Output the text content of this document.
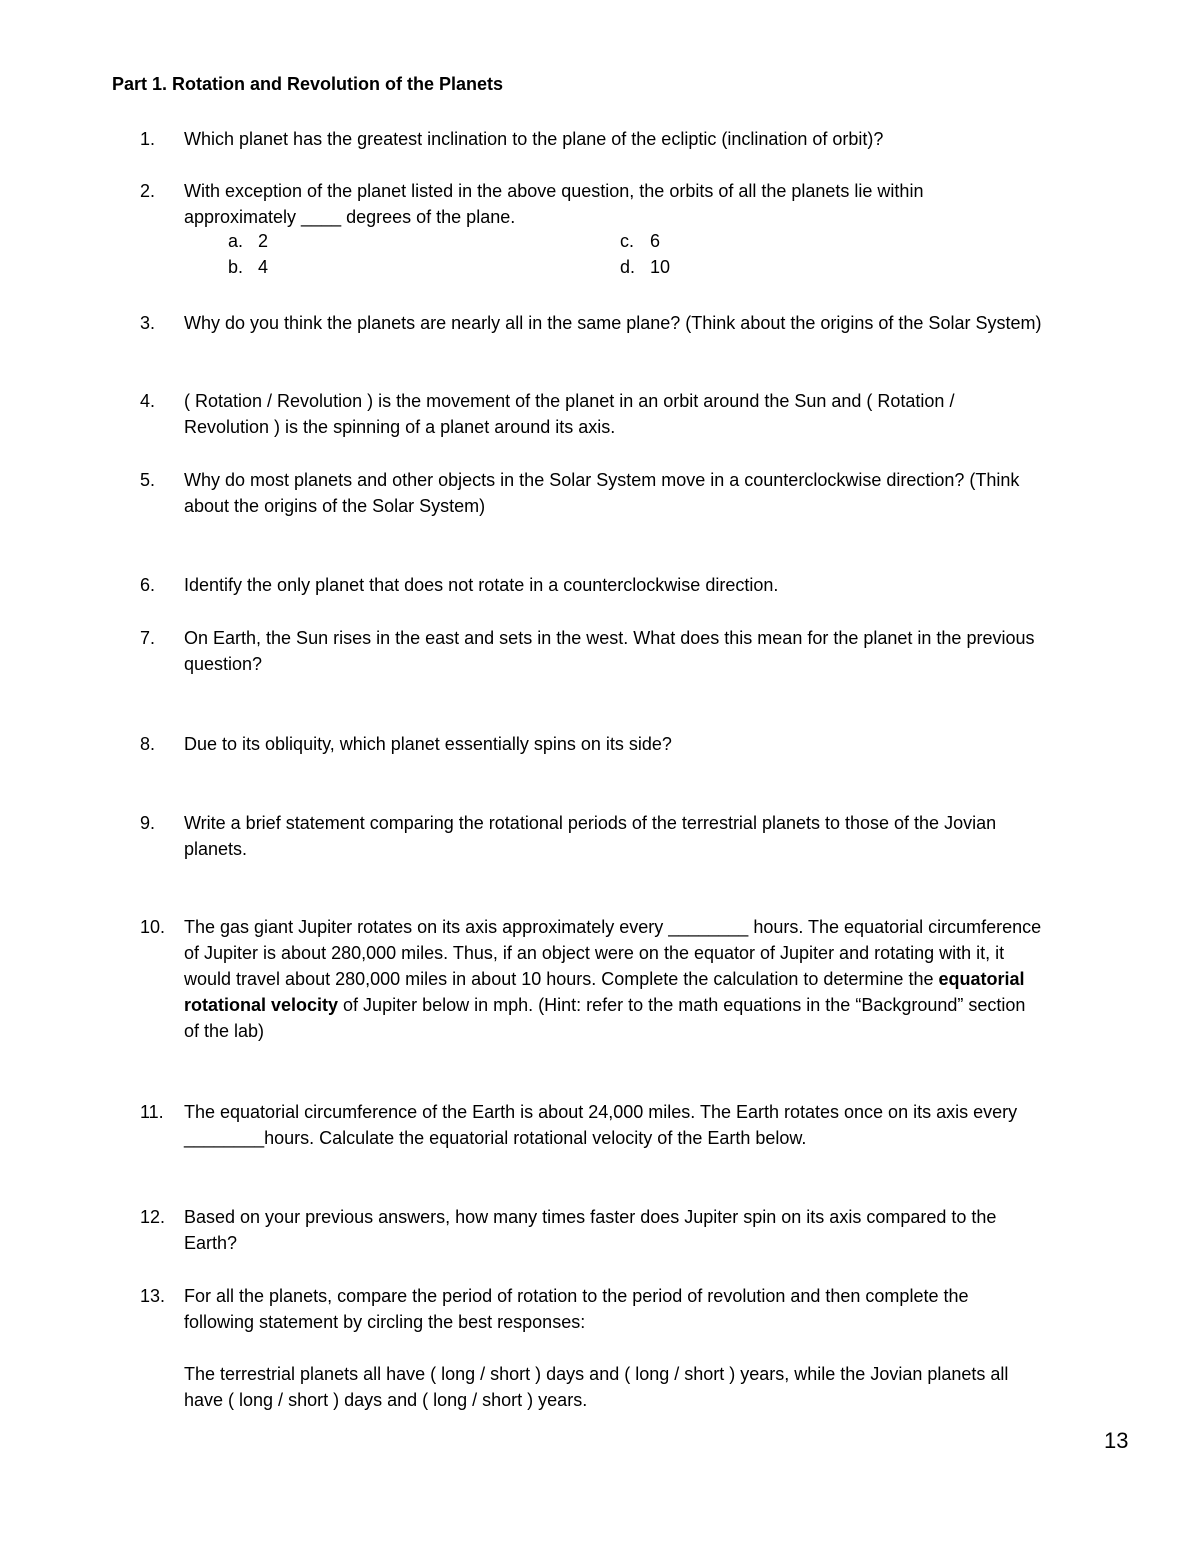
Part 1. Rotation and Revolution of the Planets
1. Which planet has the greatest inclination to the plane of the ecliptic (inclination of orbit)?
2. With exception of the planet listed in the above question, the orbits of all the planets lie within
approximately ____ degrees of the plane.
a. 2
b. 4
c. 6
d. 10
3. Why do you think the planets are nearly all in the same plane? (Think about the origins of the Solar System)
4. ( Rotation / Revolution ) is the movement of the planet in an orbit around the Sun and ( Rotation /
Revolution ) is the spinning of a planet around its axis.
5. Why do most planets and other objects in the Solar System move in a counterclockwise direction? (Think
about the origins of the Solar System)
6. Identify the only planet that does not rotate in a counterclockwise direction.
7. On Earth, the Sun rises in the east and sets in the west. What does this mean for the planet in the previous
question?
8. Due to its obliquity, which planet essentially spins on its side?
9. Write a brief statement comparing the rotational periods of the terrestrial planets to those of the Jovian
planets.
10. The gas giant Jupiter rotates on its axis approximately every ________ hours. The equatorial circumference
of Jupiter is about 280,000 miles. Thus, if an object were on the equator of Jupiter and rotating with it, it
would travel about 280,000 miles in about 10 hours. Complete the calculation to determine the equatorial
rotational velocity of Jupiter below in mph. (Hint: refer to the math equations in the “Background” section
of the lab)
11. The equatorial circumference of the Earth is about 24,000 miles. The Earth rotates once on its axis every
________hours. Calculate the equatorial rotational velocity of the Earth below.
12. Based on your previous answers, how many times faster does Jupiter spin on its axis compared to the
Earth?
13. For all the planets, compare the period of rotation to the period of revolution and then complete the
following statement by circling the best responses:
The terrestrial planets all have ( long / short ) days and ( long / short ) years, while the Jovian planets all
have ( long / short ) days and ( long / short ) years.
13
